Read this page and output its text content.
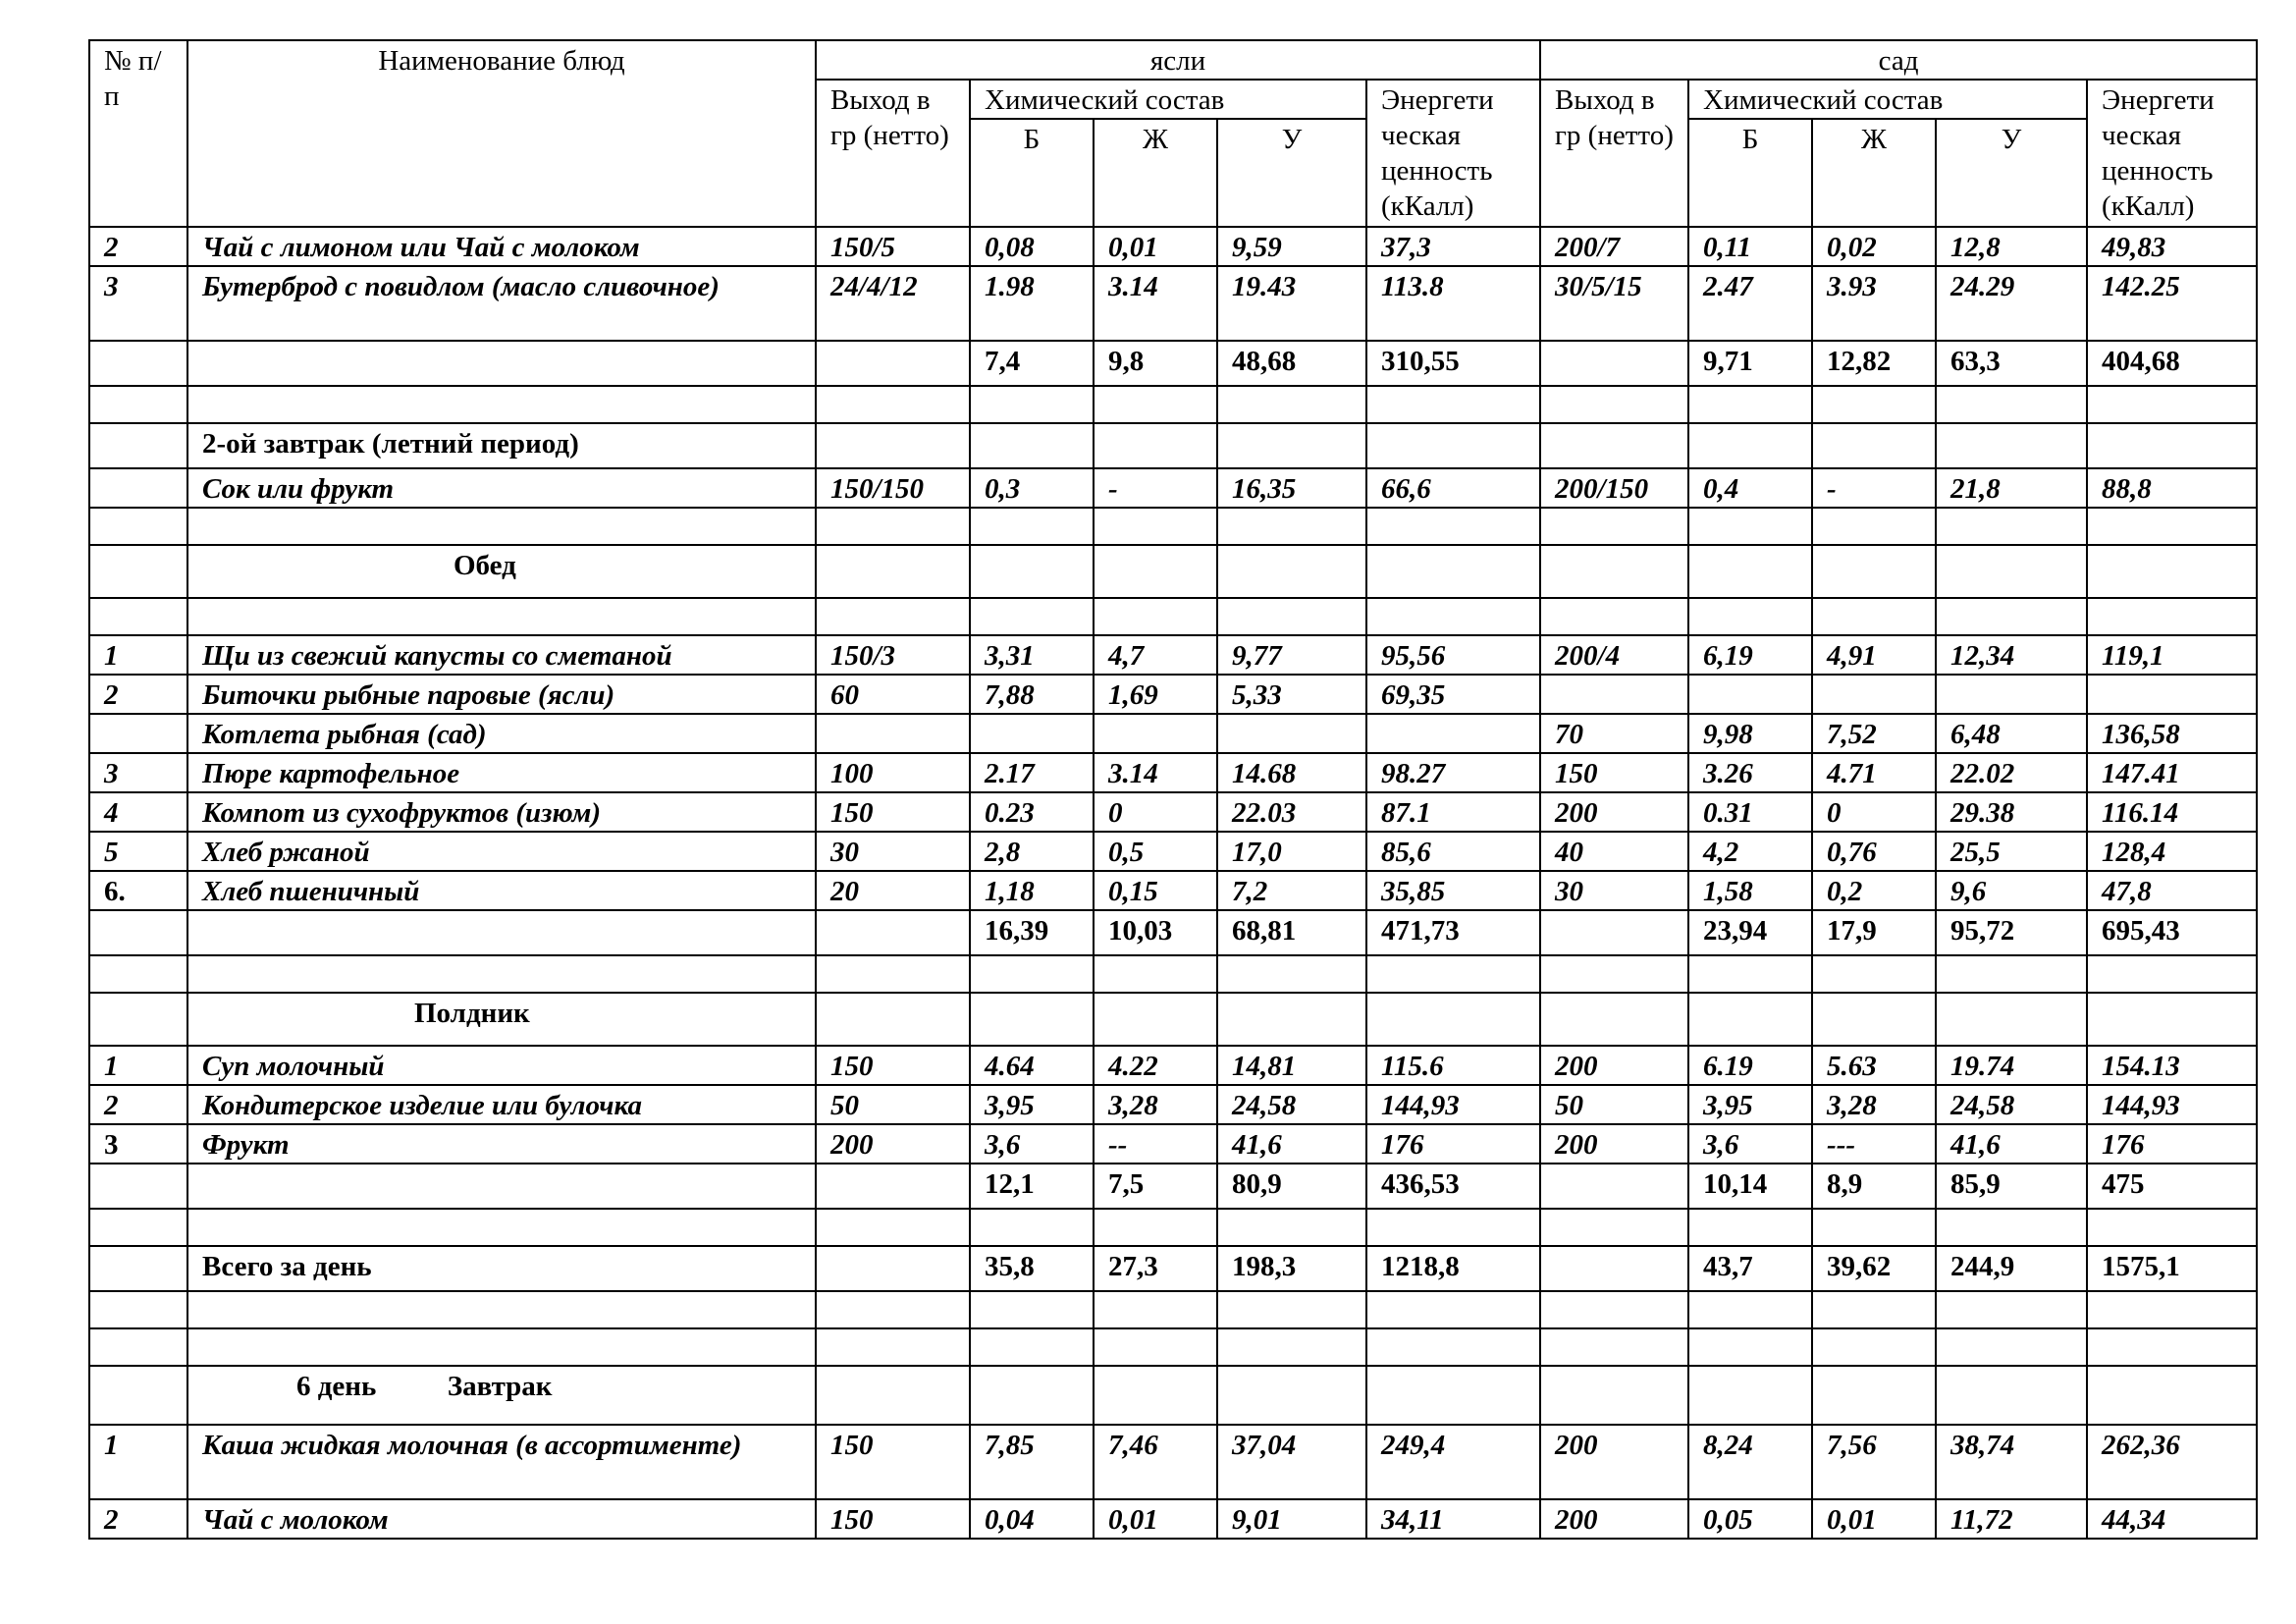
№ п/п	Наименование блюд	ясли					сад				
		Выход в гр (нетто)	Химический состав			Энергети ческая ценность (кКалл)	Выход в гр (нетто)	Химический состав			Энергети ческая ценность (кКалл)
			Б	Ж	У			Б	Ж	У	
2	Чай с лимоном или Чай с молоком	150/5	0,08	0,01	9,59	37,3	200/7	0,11	0,02	12,8	49,83
3	Бутерброд с повидлом (масло сливочное)	24/4/12	1.98	3.14	19.43	113.8	30/5/15	2.47	3.93	24.29	142.25
			7,4	9,8	48,68	310,55		9,71	12,82	63,3	404,68

	2-ой завтрак (летний период)										
	Сок или фрукт	150/150	0,3	-	16,35	66,6	200/150	0,4	-	21,8	88,8

	Обед										

1	Щи из свежий капусты со сметаной	150/3	3,31	4,7	9,77	95,56	200/4	6,19	4,91	12,34	119,1
2	Биточки рыбные паровые (ясли)	60	7,88	1,69	5,33	69,35					
	Котлета рыбная (сад)						70	9,98	7,52	6,48	136,58
3	Пюре картофельное	100	2.17	3.14	14.68	98.27	150	3.26	4.71	22.02	147.41
4	Компот из сухофруктов (изюм)	150	0.23	0	22.03	87.1	200	0.31	0	29.38	116.14
5	Хлеб ржаной	30	2,8	0,5	17,0	85,6	40	4,2	0,76	25,5	128,4
6.	Хлеб пшеничный	20	1,18	0,15	7,2	35,85	30	1,58	0,2	9,6	47,8
			16,39	10,03	68,81	471,73		23,94	17,9	95,72	695,43

	Полдник										
1	Суп молочный	150	4.64	4.22	14,81	115.6	200	6.19	5.63	19.74	154.13
2	Кондитерское изделие или булочка	50	3,95	3,28	24,58	144,93	50	3,95	3,28	24,58	144,93
3	Фрукт	200	3,6	--	41,6	176	200	3,6	---	41,6	176
			12,1	7,5	80,9	436,53		10,14	8,9	85,9	475

	Всего за день		35,8	27,3	198,3	1218,8		43,7	39,62	244,9	1575,1

	6 день          Завтрак										
1	Каша жидкая молочная (в ассортименте)	150	7,85	7,46	37,04	249,4	200	8,24	7,56	38,74	262,36
2	Чай с молоком	150	0,04	0,01	9,01	34,11	200	0,05	0,01	11,72	44,34
